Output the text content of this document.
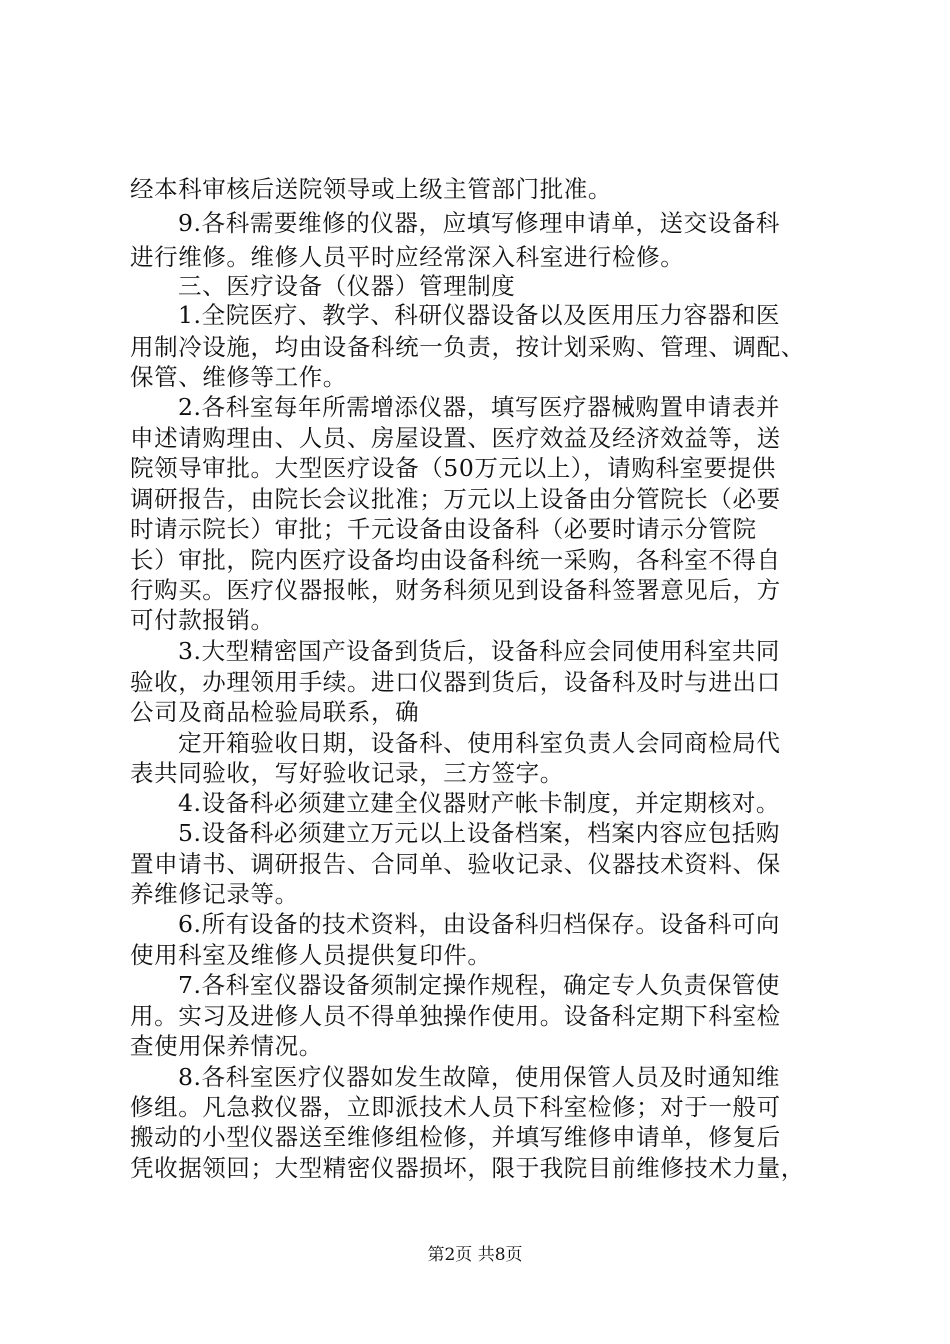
经本科审核后送院领导或上级主管部门批准。
9.各科需要维修的仪器，应填写修理申请单，送交设备科
进行维修。维修人员平时应经常深入科室进行检修。
三、医疗设备（仪器）管理制度
1.全院医疗、教学、科研仪器设备以及医用压力容器和医
用制冷设施，均由设备科统一负责，按计划采购、管理、调配、
保管、维修等工作。
2.各科室每年所需增添仪器，填写医疗器械购置申请表并
申述请购理由、人员、房屋设置、医疗效益及经济效益等，送
院领导审批。大型医疗设备（50万元以上），请购科室要提供
调研报告，由院长会议批准；万元以上设备由分管院长（必要
时请示院长）审批；千元设备由设备科（必要时请示分管院
长）审批，院内医疗设备均由设备科统一采购，各科室不得自
行购买。医疗仪器报帐，财务科须见到设备科签署意见后，方
可付款报销。
3.大型精密国产设备到货后，设备科应会同使用科室共同
验收，办理领用手续。进口仪器到货后，设备科及时与进出口
公司及商品检验局联系，确
定开箱验收日期，设备科、使用科室负责人会同商检局代
表共同验收，写好验收记录，三方签字。
4.设备科必须建立建全仪器财产帐卡制度，并定期核对。
5.设备科必须建立万元以上设备档案，档案内容应包括购
置申请书、调研报告、合同单、验收记录、仪器技术资料、保
养维修记录等。
6.所有设备的技术资料，由设备科归档保存。设备科可向
使用科室及维修人员提供复印件。
7.各科室仪器设备须制定操作规程，确定专人负责保管使
用。实习及进修人员不得单独操作使用。设备科定期下科室检
查使用保养情况。
8.各科室医疗仪器如发生故障，使用保管人员及时通知维
修组。凡急救仪器，立即派技术人员下科室检修；对于一般可
搬动的小型仪器送至维修组检修，并填写维修申请单，修复后
凭收据领回；大型精密仪器损坏，限于我院目前维修技术力量，
第2页 共8页
